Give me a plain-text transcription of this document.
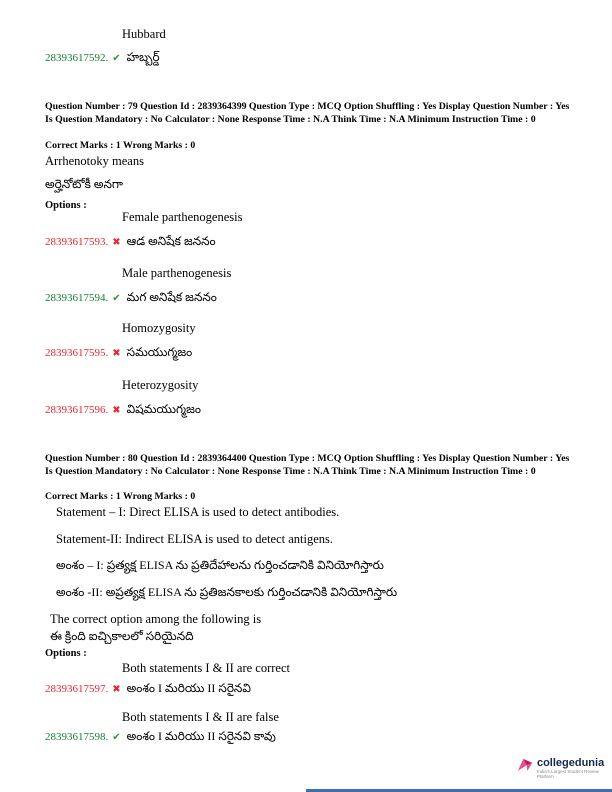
Hubbard
28393617592. ✔ హబ్బర్డ్
Question Number : 79 Question Id : 2839364399 Question Type : MCQ Option Shuffling : Yes Display Question Number : Yes Is Question Mandatory : No Calculator : None Response Time : N.A Think Time : N.A Minimum Instruction Time : 0
Correct Marks : 1 Wrong Marks : 0
Arrhenotoky means
అర్హెనోటోకీ అనగా
Options :
Female parthenogenesis
28393617593. ✖ ఆడ అనిషేక జననం
Male parthenogenesis
28393617594. ✔ మగ అనిషేక జననం
Homozygosity
28393617595. ✖ సమయుగ్మజం
Heterozygosity
28393617596. ✖ విషమయుగ్మజం
Question Number : 80 Question Id : 2839364400 Question Type : MCQ Option Shuffling : Yes Display Question Number : Yes Is Question Mandatory : No Calculator : None Response Time : N.A Think Time : N.A Minimum Instruction Time : 0
Correct Marks : 1 Wrong Marks : 0
Statement – I: Direct ELISA is used to detect antibodies.
Statement-II: Indirect ELISA is used to detect antigens.
అంశం – I: ప్రత్యక్ష ELISA ను ప్రతిదేహాలను గుర్తించడానికి వినియోగిస్తారు
అంశం -II: అప్రత్యక్ష ELISA ను ప్రతిజనకాలకు గుర్తించడానికి వినియోగిస్తారు
The correct option among the following is
ఈ క్రింది ఐచ్చికాలలో సరియైనది
Options :
Both statements I & II are correct
28393617597. ✖ అంశం I మరియు II సరైనవి
Both statements I & II are false
28393617598. ✔ అంశం I మరియు II సరైనవి కావు
collegedunia
India's Largest Student Review Platform
